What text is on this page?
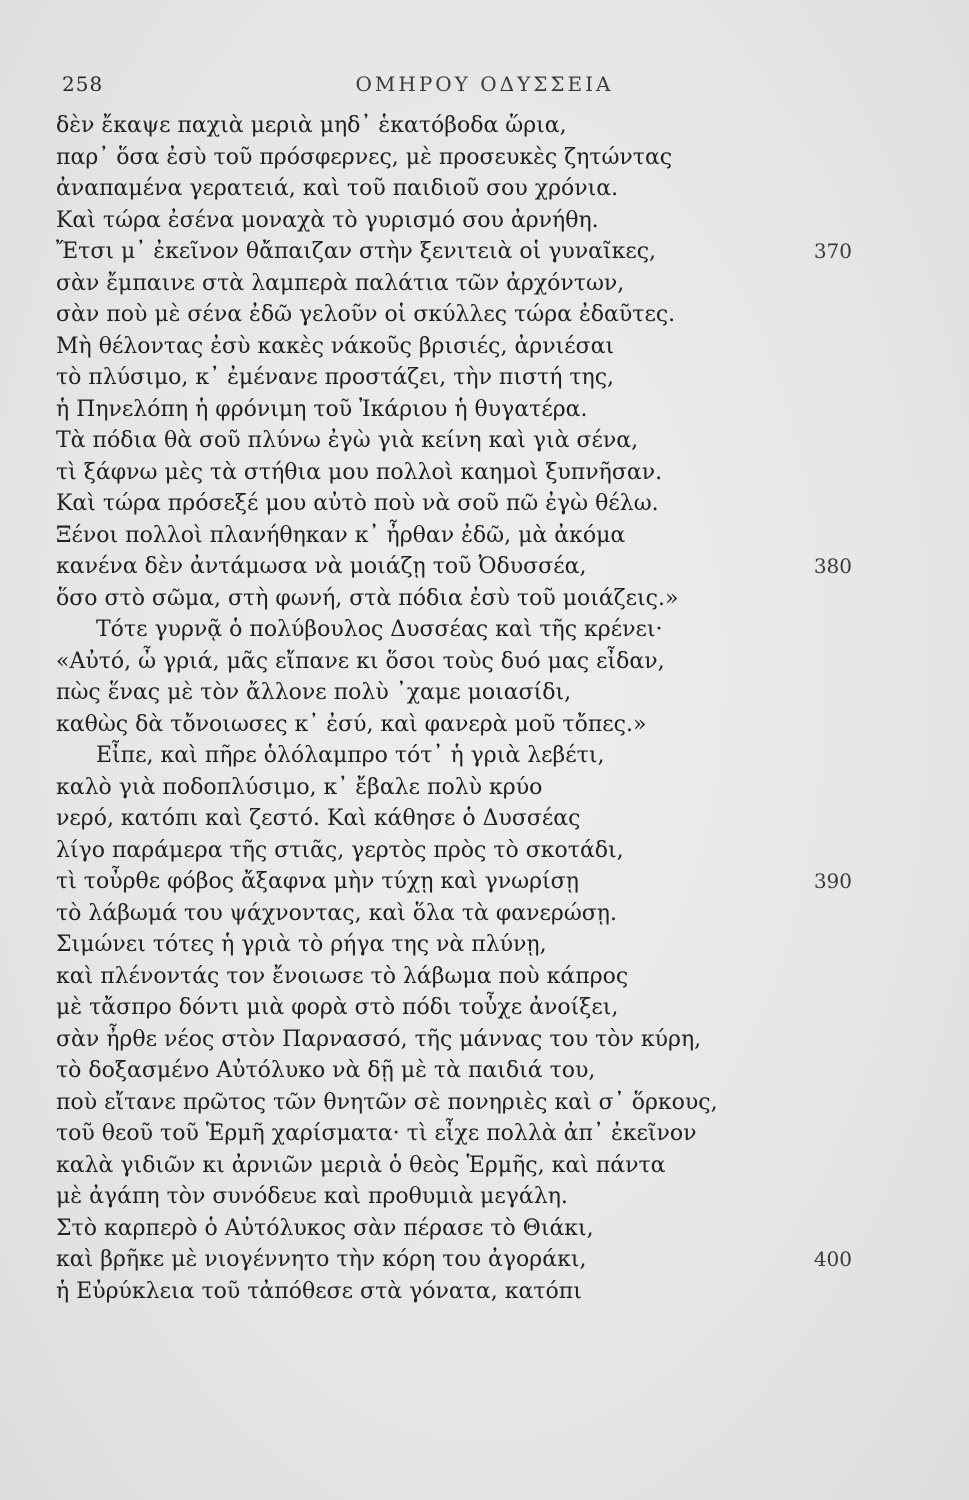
258	ΟΜΗΡΟΥ ΟΔΥΣΣΕΙΑ
δὲν ἔκαψε παχιὰ μεριὰ μηδ᾽ ἑκατόβοδα ὥρια,
παρ᾽ ὅσα ἐσὺ τοῦ πρόσφερνες, μὲ προσευκὲς ζητώντας
ἀναπαμένα γερατειά, καὶ τοῦ παιδιοῦ σου χρόνια.
Καὶ τώρα ἐσένα μοναχὰ τὸ γυρισμό σου ἀρνήθη.
Ἔτσι μ᾽ ἐκεῖνον θἄπαιζαν στὴν ξενιτειὰ οἱ γυναῖκες,	370
σὰν ἔμπαινε στὰ λαμπερὰ παλάτια τῶν ἀρχόντων,
σὰν ποὺ μὲ σένα ἐδῶ γελοῦν οἱ σκύλλες τώρα ἐδαῦτες.
Μὴ θέλοντας ἐσὺ κακὲς νάκοῦς βρισιές, ἀρνιέσαι
τὸ πλύσιμο, κ᾽ ἐμένανε προστάζει, τὴν πιστή της,
ἡ Πηνελόπη ἡ φρόνιμη τοῦ Ἰκάριου ἡ θυγατέρα.
Τὰ πόδια θὰ σοῦ πλύνω ἐγὼ γιὰ κείνη καὶ γιὰ σένα,
τὶ ξάφνω μὲς τὰ στήθια μου πολλοὶ καημοὶ ξυπνῆσαν.
Καὶ τώρα πρόσεξέ μου αὐτὸ ποὺ νὰ σοῦ πῶ ἐγὼ θέλω.
Ξένοι πολλοὶ πλανήθηκαν κ᾽ ἦρθαν ἐδῶ, μὰ ἀκόμα
κανένα δὲν ἀντάμωσα νὰ μοιάζῃ τοῦ Ὀδυσσέα,	380
ὅσο στὸ σῶμα, στὴ φωνή, στὰ πόδια ἐσὺ τοῦ μοιάζεις.»
Τότε γυρνᾷ ὁ πολύβουλος Δυσσέας καὶ τῆς κρένει·
«Αὐτό, ὦ γριά, μᾶς εἴπανε κι ὅσοι τοὺς δυό μας εἶδαν,
πὼς ἕνας μὲ τὸν ἄλλονε πολὺ ᾽χαμε μοιασίδι,
καθὼς δὰ τὄνοιωσες κ᾽ ἐσύ, καὶ φανερὰ μοῦ τὄπες.»
Εἶπε, καὶ πῆρε ὁλόλαμπρο τότ᾽ ἡ γριὰ λεβέτι,
καλὸ γιὰ ποδοπλύσιμο, κ᾽ ἔβαλε πολὺ κρύο
νερό, κατόπι καὶ ζεστό. Καὶ κάθησε ὁ Δυσσέας
λίγο παράμερα τῆς στιᾶς, γερτὸς πρὸς τὸ σκοτάδι,
τὶ τοὖρθε φόβος ἄξαφνα μὴν τύχῃ καὶ γνωρίσῃ	390
τὸ λάβωμά του ψάχνοντας, καὶ ὅλα τὰ φανερώσῃ.
Σιμώνει τότες ἡ γριὰ τὸ ρήγα της νὰ πλύνῃ,
καὶ πλένοντάς τον ἔνοιωσε τὸ λάβωμα ποὺ κάπρος
μὲ τἄσπρο δόντι μιὰ φορὰ στὸ πόδι τοὖχε ἀνοίξει,
σὰν ἦρθε νέος στὸν Παρνασσό, τῆς μάννας του τὸν κύρη,
τὸ δοξασμένο Αὐτόλυκο νὰ δῇ μὲ τὰ παιδιά του,
ποὺ εἴτανε πρῶτος τῶν θνητῶν σὲ πονηριὲς καὶ σ᾽ ὅρκους,
τοῦ θεοῦ τοῦ Ἑρμῆ χαρίσματα· τὶ εἶχε πολλὰ ἀπ᾽ ἐκεῖνον
καλὰ γιδιῶν κι ἀρνιῶν μεριὰ ὁ θεὸς Ἑρμῆς, καὶ πάντα
μὲ ἀγάπη τὸν συνόδευε καὶ προθυμιὰ μεγάλη.
Στὸ καρπερὸ ὁ Αὐτόλυκος σὰν πέρασε τὸ Θιάκι,
καὶ βρῆκε μὲ νιογέννητο τὴν κόρη του ἀγοράκι,	400
ἡ Εὐρύκλεια τοῦ τἀπόθεσε στὰ γόνατα, κατόπι
